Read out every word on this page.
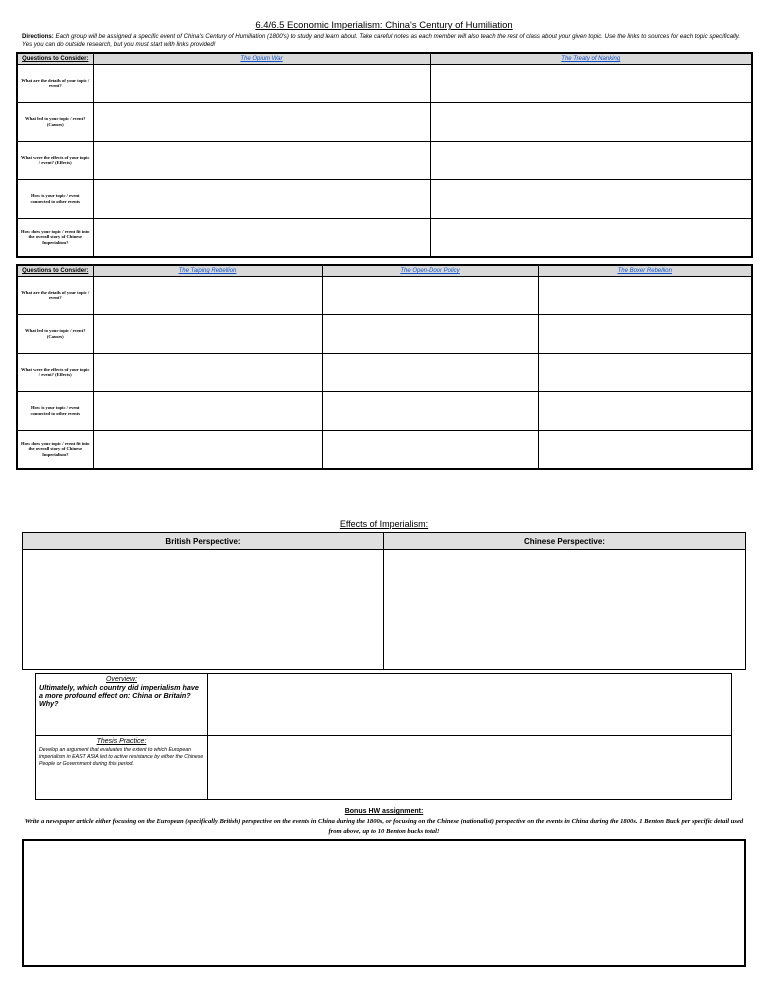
6.4/6.5 Economic Imperialism: China's Century of Humiliation
Directions: Each group will be assigned a specific event of China's Century of Humiliation (1800's) to study and learn about. Take careful notes as each member will also teach the rest of class about your given topic. Use the links to sources for each topic specifically. Yes you can do outside research, but you must start with links provided!
Questions to Consider:	The Opium War	The Treaty of Nanking
What are the details of your topic / event?		
What led to your topic / event? (Causes)		
What were the effects of your topic / event? (Effects)		
How is your topic / event connected to other events		
How does your topic / event fit into the overall story of Chinese Imperialism?		
Questions to Consider:	The Taiping Rebellion	The Open-Door Policy	The Boxer Rebellion
What are the details of your topic / event?			
What led to your topic / event? (Causes)			
What were the effects of your topic / event? (Effects)			
How is your topic / event connected to other events			
How does your topic / event fit into the overall story of Chinese Imperialism?			
Effects of Imperialism:
British Perspective:	Chinese Perspective:

Overview:
Ultimately, which country did imperialism have a more profound effect on: China or Britain? Why?	

Thesis Practice:
Develop an argument that evaluates the extent to which European imperialism in EAST ASIA led to active resistance by either the Chinese People or Government during this period.	

Bonus HW assignment:
Write a newspaper article either focusing on the European (specifically British) perspective on the events in China during the 1800s, or focusing on the Chinese (nationalist) perspective on the events in China during the 1800s. 1 Benton Buck per specific detail used from above, up to 10 Benton bucks total!
